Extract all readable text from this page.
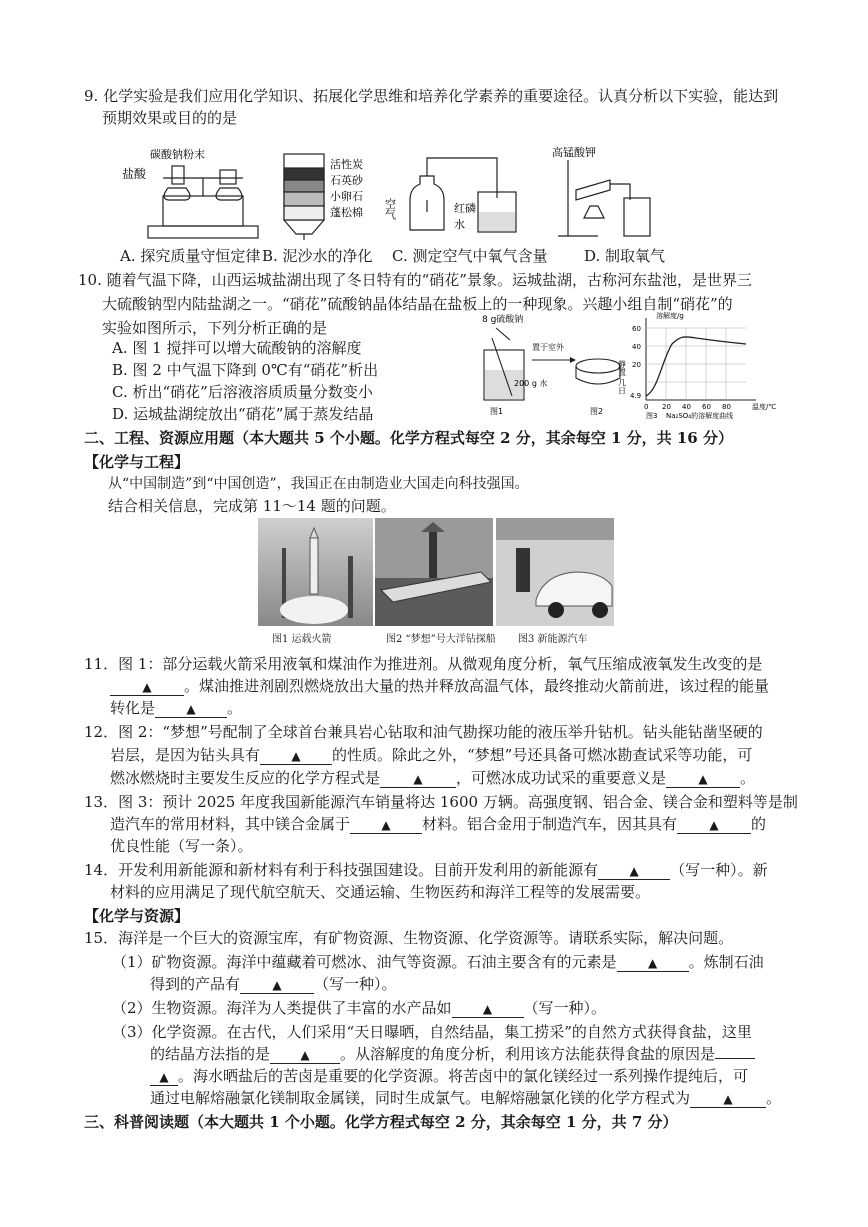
9. 化学实验是我们应用化学知识、拓展化学思维和培养化学素养的重要途径。认真分析以下实验，能达到
预期效果或目的的是
盐酸
碳酸钠粉末
活性炭
石英砂
小卵石
蓬松棉 空气	红磷
水
高锰酸钾
A. 探究质量守恒定律 B. 泥沙水的净化 C. 测定空气中氧气含量 D. 制取氧气
10. 随着气温下降，山西运城盐湖出现了冬日特有的“硝花”景象。运城盐湖，古称河东盐池，是世界三
大硫酸钠型内陆盐湖之一。“硝花”硫酸钠晶体结晶在盐板上的一种现象。兴趣小组自制“硝花”的
实验如图所示，下列分析正确的是
A. 图 1 搅拌可以增大硫酸钠的溶解度
B. 图 2 中气温下降到 0℃有“硝花”析出
C. 析出“硝花”后溶液溶质质量分数变小
D. 运城盐湖绽放出“硝花”属于蒸发结晶
8 g硫酸钠
200 g 水
置于室外
静置 几日
图1	图2
溶解度/g
60
40
20
4.9
0 20 40 60 80	温度/℃
图3 Na₂SO₄的溶解度曲线
二、工程、资源应用题（本大题共 5 个小题。化学方程式每空 2 分，其余每空 1 分，共 16 分）
【化学与工程】
从“中国制造”到“中国创造”，我国正在由制造业大国走向科技强国。
结合相关信息，完成第 11～14 题的问题。
图1 运载火箭	图2 “梦想”号大洋钻探船 图3 新能源汽车
11．图 1：部分运载火箭采用液氧和煤油作为推进剂。从微观角度分析，氧气压缩成液氧发生改变的是
▲ 。煤油推进剂剧烈燃烧放出大量的热并释放高温气体，最终推动火箭前进，该过程的能量
转化是	▲ 。
12．图 2：“梦想”号配制了全球首台兼具岩心钻取和油气勘探功能的液压举升钻机。钻头能钻凿坚硬的
岩层，是因为钻头具有	▲ 的性质。除此之外，“梦想”号还具备可燃冰勘查试采等功能，可
燃冰燃烧时主要发生反应的化学方程式是	▲ ，可燃冰成功试采的重要意义是	▲ 。
13．图 3：预计 2025 年度我国新能源汽车销量将达 1600 万辆。高强度钢、铝合金、镁合金和塑料等是制
造汽车的常用材料，其中镁合金属于	▲ 材料。铝合金用于制造汽车，因其具有	▲ 的
优良性能（写一条）。
14．开发利用新能源和新材料有利于科技强国建设。目前开发利用的新能源有	▲ （写一种）。新
材料的应用满足了现代航空航天、交通运输、生物医药和海洋工程等的发展需要。
【化学与资源】
15．海洋是一个巨大的资源宝库，有矿物资源、生物资源、化学资源等。请联系实际，解决问题。
（1）矿物资源。海洋中蕴藏着可燃冰、油气等资源。石油主要含有的元素是	▲ 。炼制石油
得到的产品有	▲ （写一种）。
（2）生物资源。海洋为人类提供了丰富的水产品如	▲ （写一种）。
（3）化学资源。在古代，人们采用“天日曝晒，自然结晶，集工捞采”的自然方式获得食盐，这里
的结晶方法指的是	▲ 。从溶解度的角度分析，利用该方法能获得食盐的原因是
▲ 。海水晒盐后的苦卤是重要的化学资源。将苦卤中的氯化镁经过一系列操作提纯后，可
通过电解熔融氯化镁制取金属镁，同时生成氯气。电解熔融氯化镁的化学方程式为	▲ 。
三、科普阅读题（本大题共 1 个小题。化学方程式每空 2 分，其余每空 1 分，共 7 分）
